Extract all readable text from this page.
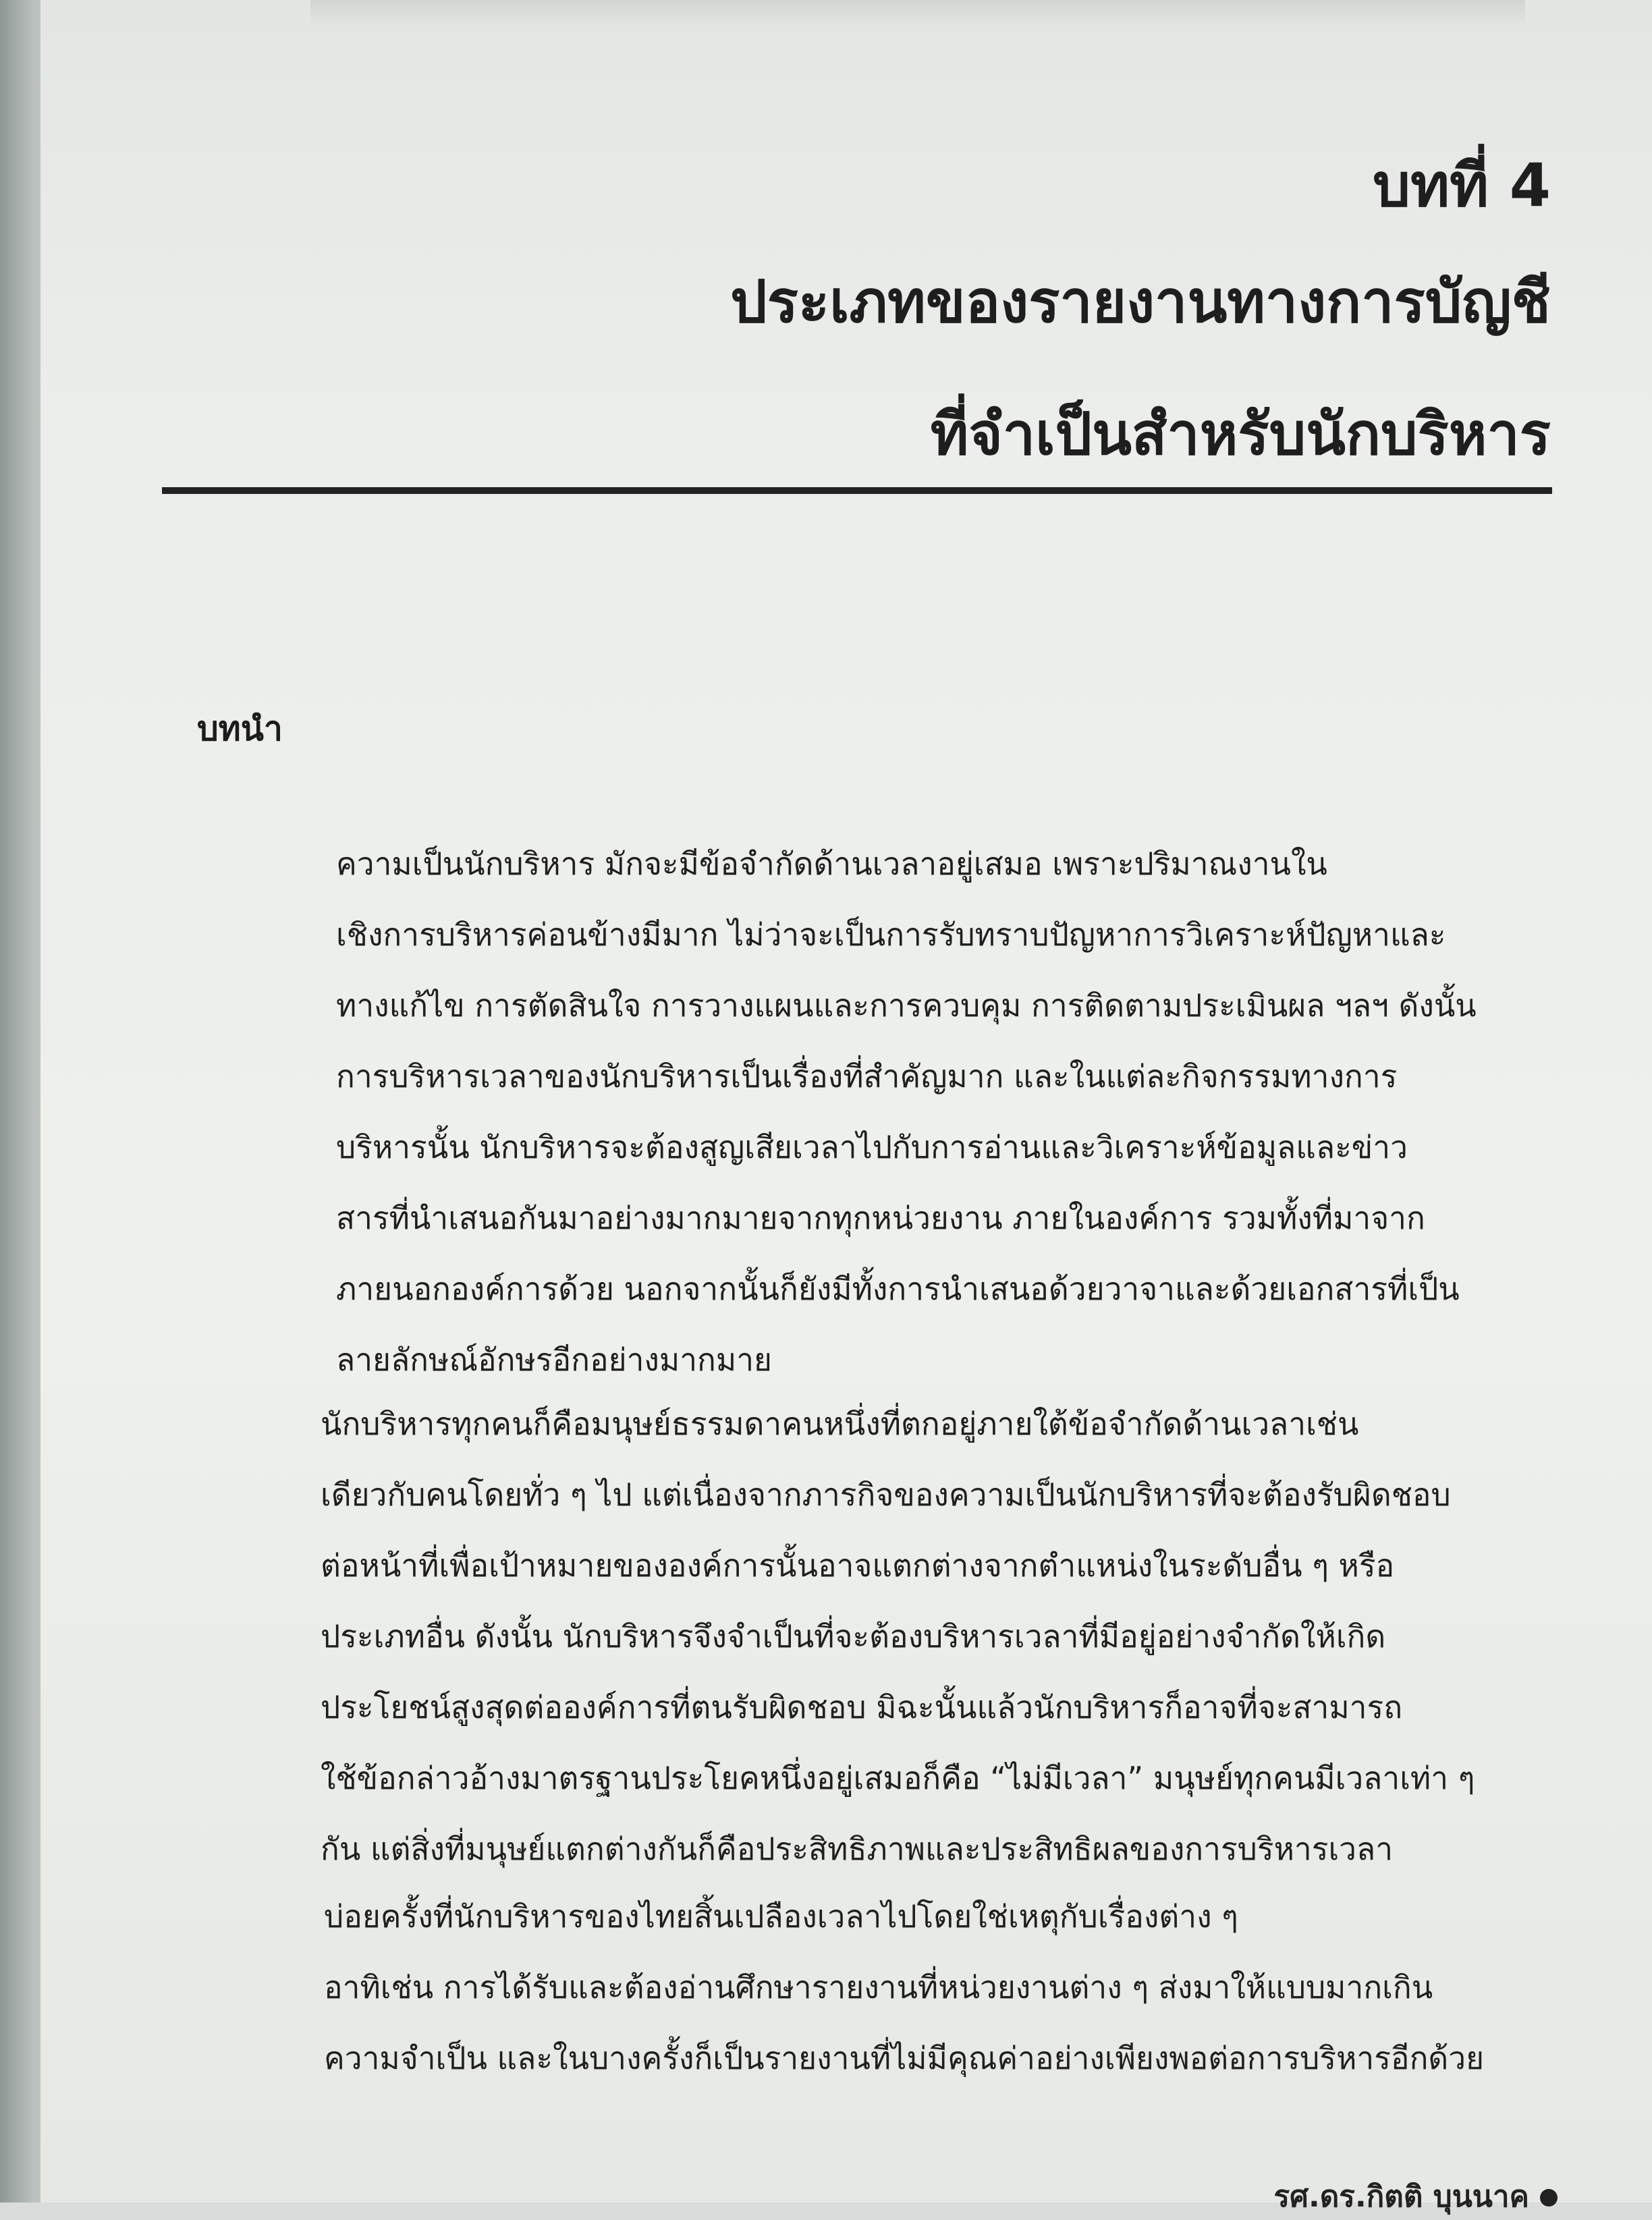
บทที่ 4
ประเภทของรายงานทางการบัญชี
ที่จำเป็นสำหรับนักบริหาร
บทนำ
ความเป็นนักบริหาร มักจะมีข้อจำกัดด้านเวลาอยู่เสมอ เพราะปริมาณงานใน
เชิงการบริหารค่อนข้างมีมาก ไม่ว่าจะเป็นการรับทราบปัญหาการวิเคราะห์ปัญหาและ
ทางแก้ไข การตัดสินใจ การวางแผนและการควบคุม การติดตามประเมินผล ฯลฯ ดังนั้น
การบริหารเวลาของนักบริหารเป็นเรื่องที่สำคัญมาก และในแต่ละกิจกรรมทางการ
บริหารนั้น นักบริหารจะต้องสูญเสียเวลาไปกับการอ่านและวิเคราะห์ข้อมูลและข่าว
สารที่นำเสนอกันมาอย่างมากมายจากทุกหน่วยงาน ภายในองค์การ รวมทั้งที่มาจาก
ภายนอกองค์การด้วย นอกจากนั้นก็ยังมีทั้งการนำเสนอด้วยวาจาและด้วยเอกสารที่เป็น
ลายลักษณ์อักษรอีกอย่างมากมาย
นักบริหารทุกคนก็คือมนุษย์ธรรมดาคนหนึ่งที่ตกอยู่ภายใต้ข้อจำกัดด้านเวลาเช่น
เดียวกับคนโดยทั่ว ๆ ไป แต่เนื่องจากภารกิจของความเป็นนักบริหารที่จะต้องรับผิดชอบ
ต่อหน้าที่เพื่อเป้าหมายขององค์การนั้นอาจแตกต่างจากตำแหน่งในระดับอื่น ๆ หรือ
ประเภทอื่น ดังนั้น นักบริหารจึงจำเป็นที่จะต้องบริหารเวลาที่มีอยู่อย่างจำกัดให้เกิด
ประโยชน์สูงสุดต่อองค์การที่ตนรับผิดชอบ มิฉะนั้นแล้วนักบริหารก็อาจที่จะสามารถ
ใช้ข้อกล่าวอ้างมาตรฐานประโยคหนึ่งอยู่เสมอก็คือ “ไม่มีเวลา” มนุษย์ทุกคนมีเวลาเท่า ๆ
กัน แต่สิ่งที่มนุษย์แตกต่างกันก็คือประสิทธิภาพและประสิทธิผลของการบริหารเวลา
บ่อยครั้งที่นักบริหารของไทยสิ้นเปลืองเวลาไปโดยใช่เหตุกับเรื่องต่าง ๆ
อาทิเช่น การได้รับและต้องอ่านศึกษารายงานที่หน่วยงานต่าง ๆ ส่งมาให้แบบมากเกิน
ความจำเป็น และในบางครั้งก็เป็นรายงานที่ไม่มีคุณค่าอย่างเพียงพอต่อการบริหารอีกด้วย
รศ.ดร.กิตติ บุนนาค
